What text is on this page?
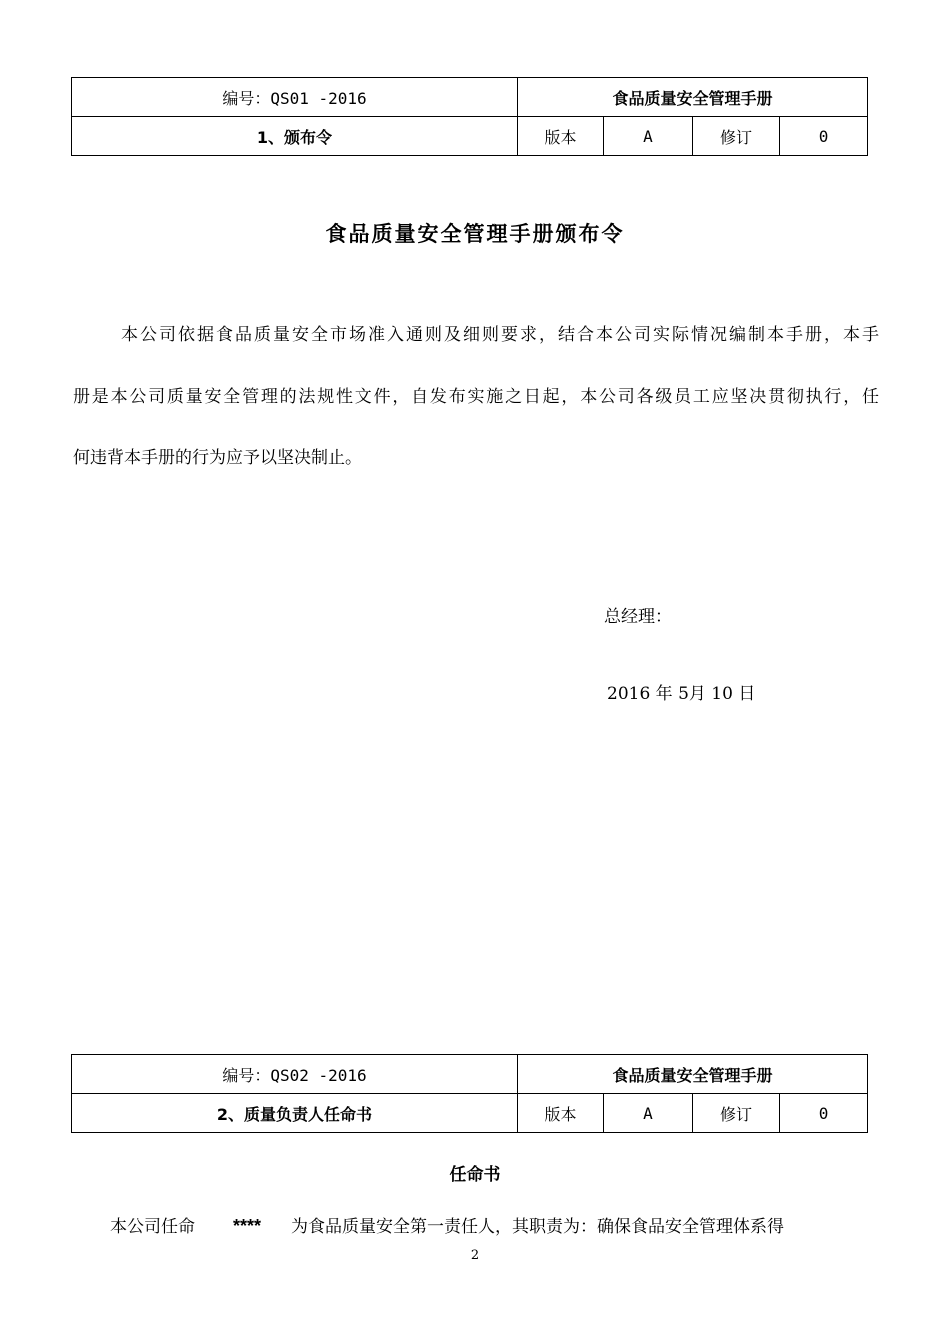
编号：QS01 -2016	食品质量安全管理手册			
1、颁布令	版本	A	修订	0
食品质量安全管理手册颁布令
本公司依据食品质量安全市场准入通则及细则要求，结合本公司实际情况编制本手册，本手
册是本公司质量安全管理的法规性文件，自发布实施之日起，本公司各级员工应坚决贯彻执行，任
何违背本手册的行为应予以坚决制止。
总经理：
2016 年 5月 10 日
编号：QS02 -2016	食品质量安全管理手册			
2、质量负责人任命书	版本	A	修订	0
任命书
本公司任命 **** 为食品质量安全第一责任人，其职责为：确保食品安全管理体系得
2
